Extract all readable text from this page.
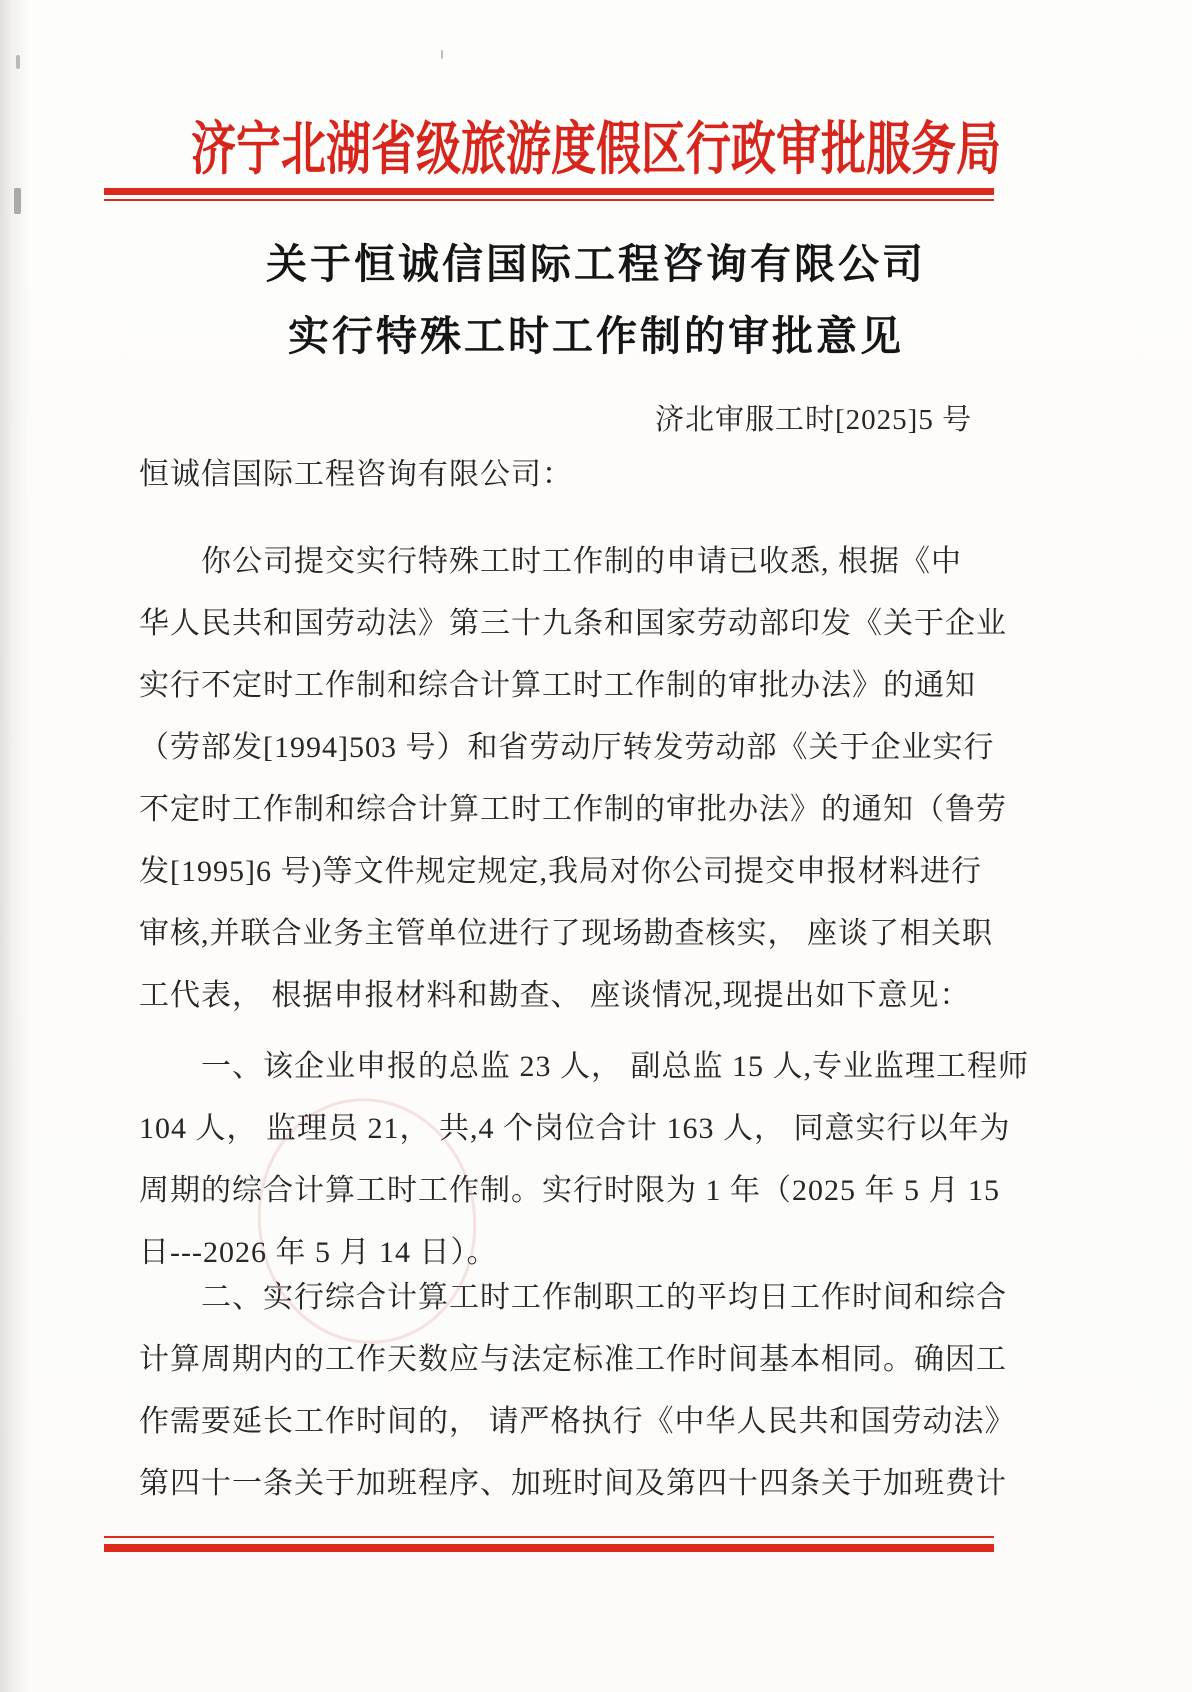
济宁北湖省级旅游度假区行政审批服务局
关于恒诚信国际工程咨询有限公司
实行特殊工时工作制的审批意见
济北审服工时[2025]5 号
恒诚信国际工程咨询有限公司：
你公司提交实行特殊工时工作制的申请已收悉, 根据《中
华人民共和国劳动法》第三十九条和国家劳动部印发《关于企业
实行不定时工作制和综合计算工时工作制的审批办法》的通知
（劳部发[1994]503 号）和省劳动厅转发劳动部《关于企业实行
不定时工作制和综合计算工时工作制的审批办法》的通知（鲁劳
发[1995]6 号)等文件规定规定,我局对你公司提交申报材料进行
审核,并联合业务主管单位进行了现场勘查核实， 座谈了相关职
工代表， 根据申报材料和勘查、 座谈情况,现提出如下意见：
一、该企业申报的总监 23 人， 副总监 15 人,专业监理工程师
104 人， 监理员 21， 共,4 个岗位合计 163 人， 同意实行以年为
周期的综合计算工时工作制。实行时限为 1 年（2025 年 5 月 15
日---2026 年 5 月 14 日）。
二、实行综合计算工时工作制职工的平均日工作时间和综合
计算周期内的工作天数应与法定标准工作时间基本相同。确因工
作需要延长工作时间的， 请严格执行《中华人民共和国劳动法》
第四十一条关于加班程序、加班时间及第四十四条关于加班费计
